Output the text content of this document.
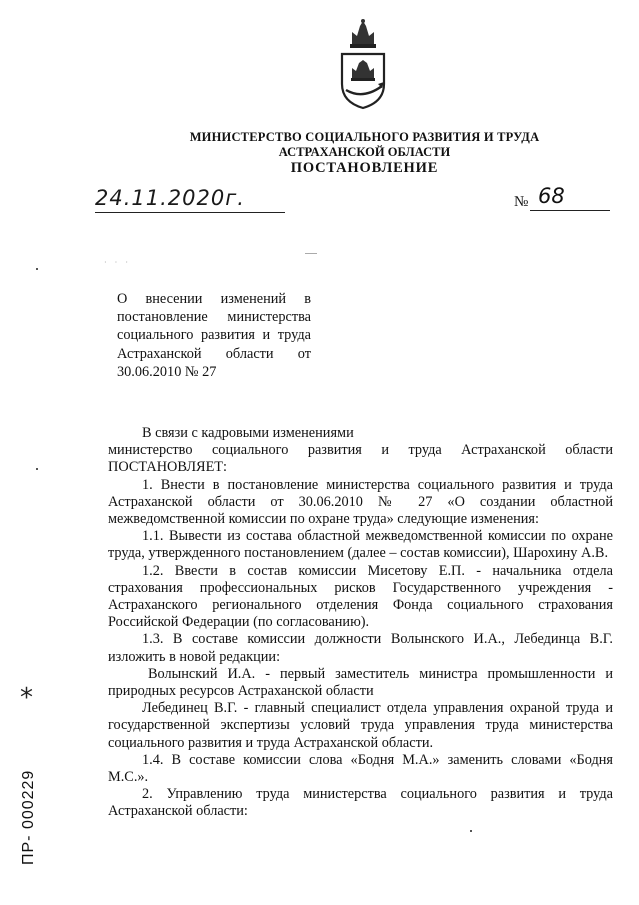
МИНИСТЕРСТВО СОЦИАЛЬНОГО РАЗВИТИЯ И ТРУДА
АСТРАХАНСКОЙ ОБЛАСТИ
ПОСТАНОВЛЕНИЕ
24.11.2020г.	№ 68
· · ·
О внесении изменений в постановление министерства социального развития и труда Астраханской области от 30.06.2010 № 27

В связи с кадровыми изменениями

министерство социального развития и труда Астраханской области ПОСТАНОВЛЯЕТ:

1. Внести в постановление министерства социального развития и труда Астраханской области от 30.06.2010 № 27 «О создании областной межведомственной комиссии по охране труда» следующие изменения:

1.1. Вывести из состава областной межведомственной комиссии по охране труда, утвержденного постановлением (далее – состав комиссии), Шарохину А.В.

1.2. Ввести в состав комиссии Мисетову Е.П. - начальника отдела страхования профессиональных рисков Государственного учреждения - Астраханского регионального отделения Фонда социального страхования Российской Федерации (по согласованию).

1.3. В составе комиссии должности Волынского И.А., Лебединца В.Г. изложить в новой редакции:

Волынский И.А. - первый заместитель министра промышленности и природных ресурсов Астраханской области

Лебединец В.Г. - главный специалист отдела управления охраной труда и государственной экспертизы условий труда управления труда министерства социального развития и труда Астраханской области.

1.4. В составе комиссии слова «Бодня М.А.» заменить словами «Бодня М.С.».

2. Управлению труда министерства социального развития и труда Астраханской области:

*
ПР- 000229
